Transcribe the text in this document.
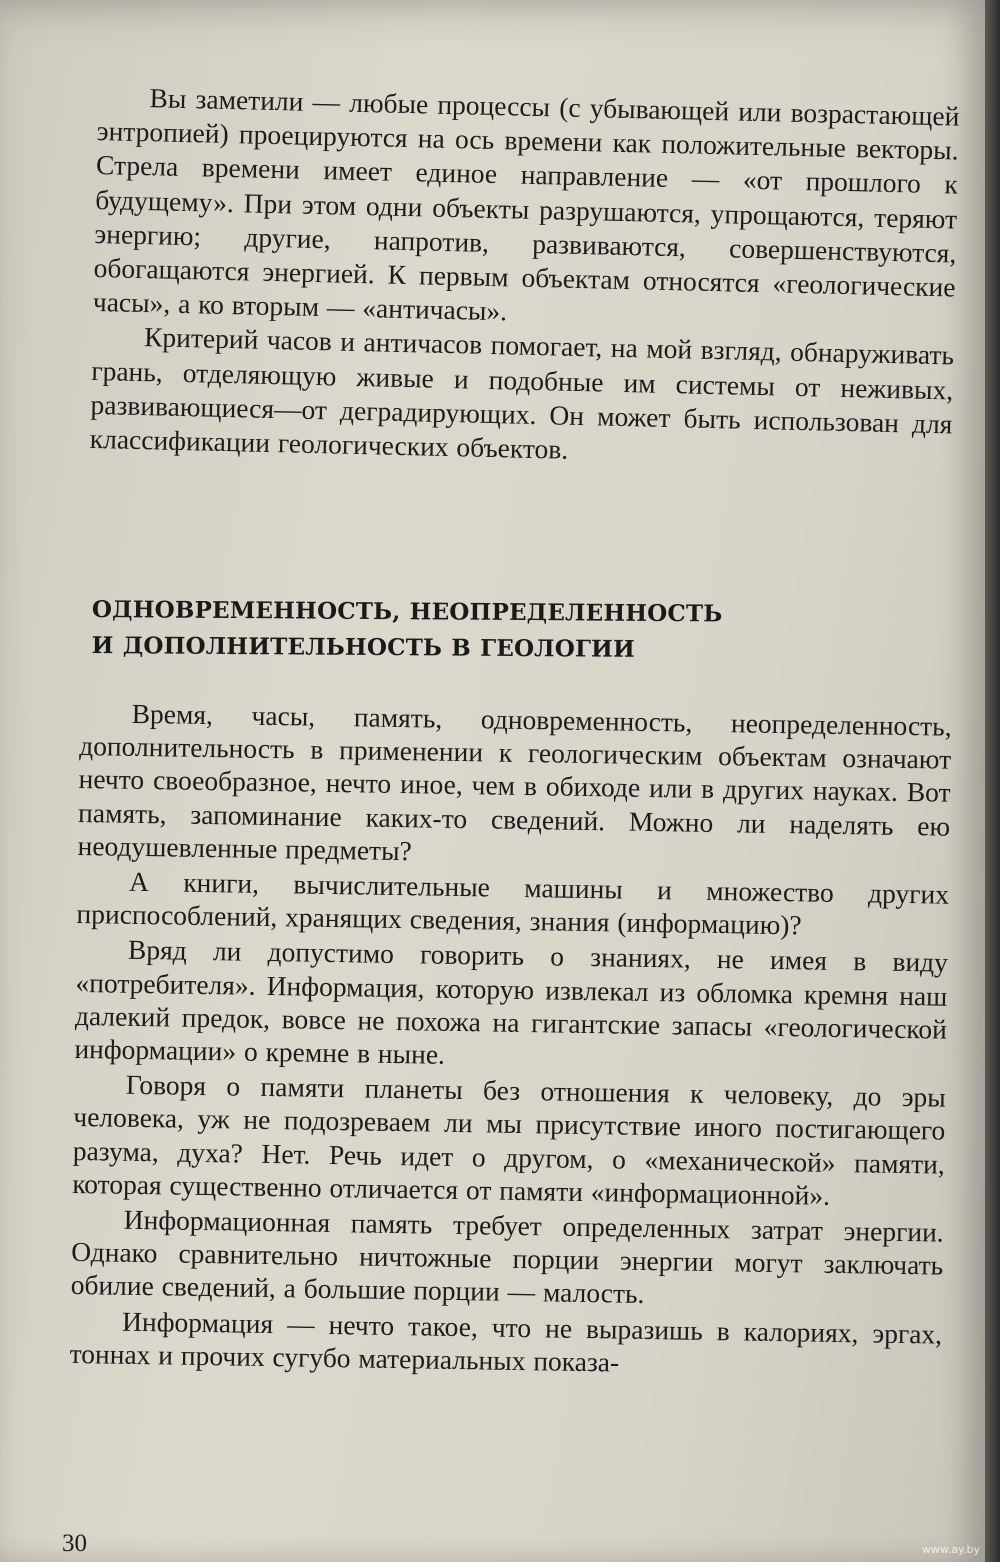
Вы заметили — любые процессы (с убывающей или возрастающей энтропией) проецируются на ось времени как положительные векторы. Стрела времени имеет единое направление — «от прошлого к будущему». При этом одни объекты разрушаются, упрощаются, теряют энергию; другие, напротив, развиваются, совершенствуются, обогащаются энергией. К первым объектам относятся «геологические часы», а ко вторым — «античасы».

Критерий часов и античасов помогает, на мой взгляд, обнаруживать грань, отделяющую живые и подобные им системы от неживых, развивающиеся—от деградирующих. Он может быть использован для классификации геологических объектов.

ОДНОВРЕМЕННОСТЬ, НЕОПРЕДЕЛЕННОСТЬ
И ДОПОЛНИТЕЛЬНОСТЬ В ГЕОЛОГИИ

Время, часы, память, одновременность, неопределенность, дополнительность в применении к геологическим объектам означают нечто своеобразное, нечто иное, чем в обиходе или в других науках. Вот память, запоминание каких-то сведений. Можно ли наделять ею неодушевленные предметы?

А книги, вычислительные машины и множество других приспособлений, хранящих сведения, знания (информацию)?

Вряд ли допустимо говорить о знаниях, не имея в виду «потребителя». Информация, которую извлекал из обломка кремня наш далекий предок, вовсе не похожа на гигантские запасы «геологической информации» о кремне в ныне.

Говоря о памяти планеты без отношения к человеку, до эры человека, уж не подозреваем ли мы присутствие иного постигающего разума, духа? Нет. Речь идет о другом, о «механической» памяти, которая существенно отличается от памяти «информационной».

Информационная память требует определенных затрат энергии. Однако сравнительно ничтожные порции энергии могут заключать обилие сведений, а большие порции — малость.

Информация — нечто такое, что не выразишь в калориях, эргах, тоннах и прочих сугубо материальных показа-

30	www.ay.by
